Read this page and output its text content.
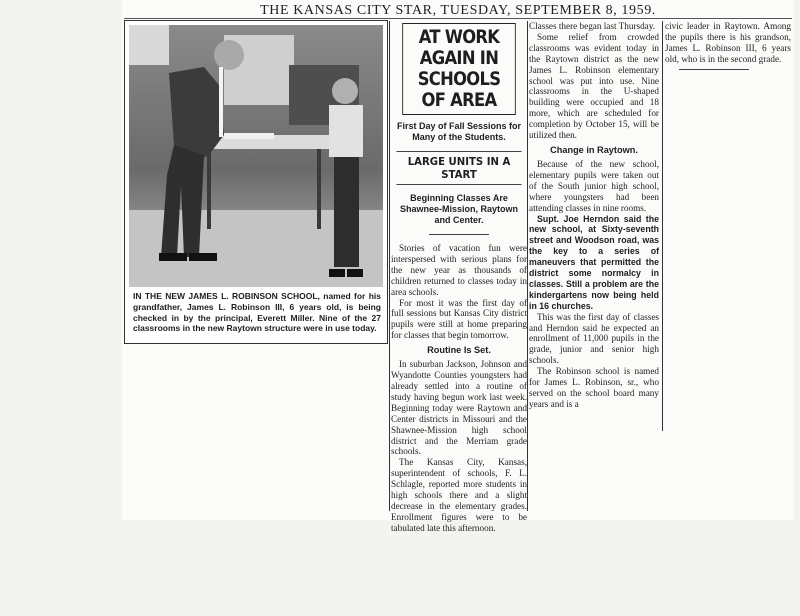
THE KANSAS CITY STAR, TUESDAY, SEPTEMBER 8, 1959.
IN THE NEW JAMES L. ROBINSON SCHOOL, named for his grandfather, James L. Robinson III, 6 years old, is being checked in by the principal, Everett Miller. Nine of the 27 classrooms in the new Raytown structure were in use today.
AT WORK AGAIN IN SCHOOLS OF AREA
First Day of Fall Sessions for Many of the Students.
LARGE UNITS IN A START
Beginning Classes Are Shawnee-Mission, Raytown and Center.

Stories of vacation fun were interspersed with serious plans for the new year as thousands of children returned to classes today in area schools.

For most it was the first day of full sessions but Kansas City district pupils were still at home preparing for classes that begin tomorrow.

Routine Is Set.

In suburban Jackson, Johnson and Wyandotte Counties youngsters had already settled into a routine of study having begun work last week. Beginning today were Raytown and Center districts in Missouri and the Shawnee-Mission high school district and the Merriam grade schools.

The Kansas City, Kansas, superintendent of schools, F. L. Schlagle, reported more students in high schools there and a slight decrease in the elementary grades. Enrollment figures were to be tabulated late this afternoon.

Classes there began last Thursday.

Some relief from crowded classrooms was evident today in the Raytown district as the new James L. Robinson elementary school was put into use. Nine classrooms in the U-shaped building were occupied and 18 more, which are scheduled for completion by October 15, will be utilized then.

Change in Raytown.

Because of the new school, elementary pupils were taken out of the South junior high school, where youngsters had been attending classes in nine rooms.

Supt. Joe Herndon said the new school, at Sixty-seventh street and Woodson road, was the key to a series of maneuvers that permitted the district some normalcy in classes. Still a problem are the kindergartens now being held in 16 churches.

This was the first day of classes and Herndon said he expected an enrollment of 11,000 pupils in the grade, junior and senior high schools.

The Robinson school is named for James L. Robinson, sr., who served on the school board many years and is a

civic leader in Raytown. Among the pupils there is his grandson, James L. Robinson III, 6 years old, who is in the second grade.
